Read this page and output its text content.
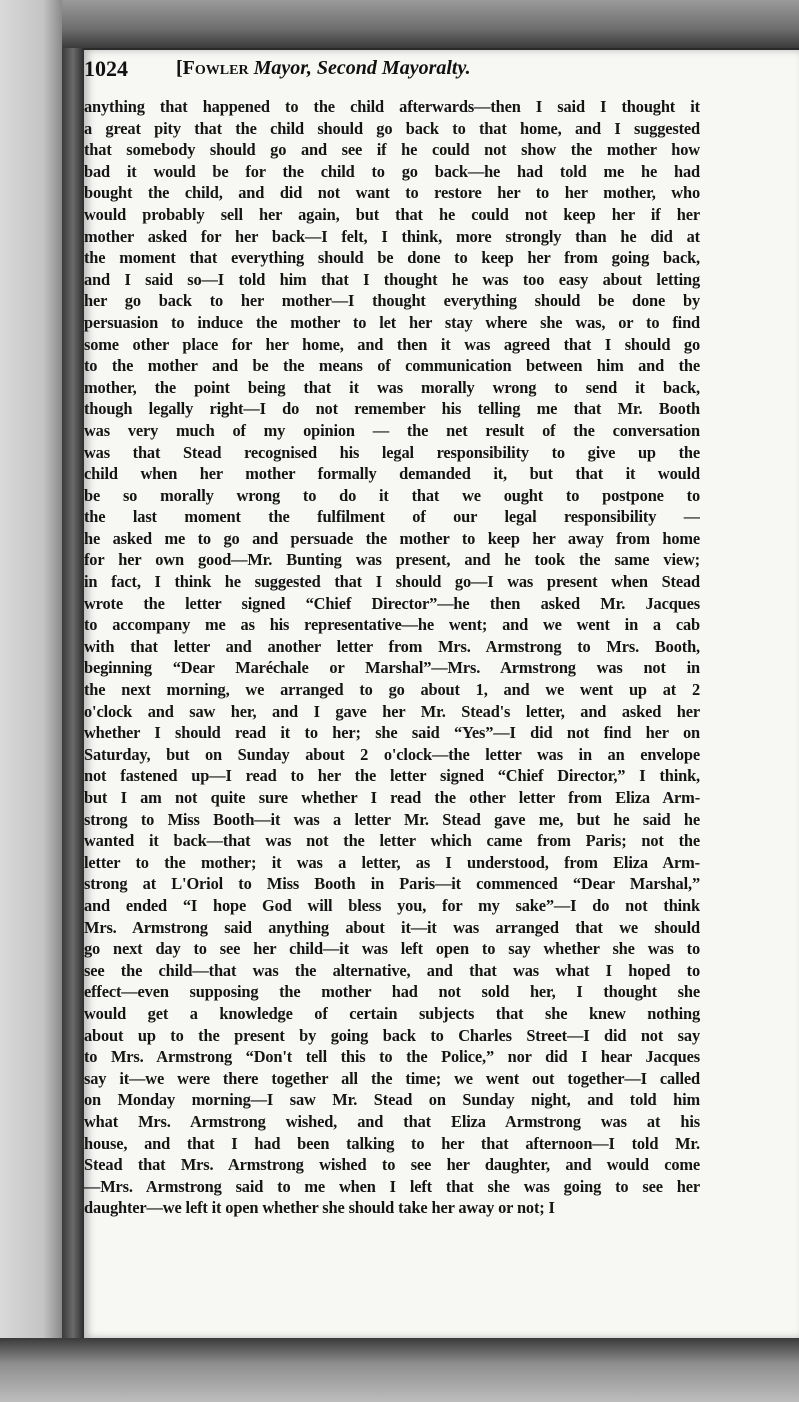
1024 [Fowler Mayor, Second Mayoralty.
anything that happened to the child afterwards—then I said I thought it
a great pity that the child should go back to that home, and I suggested
that somebody should go and see if he could not show the mother how
bad it would be for the child to go back—he had told me he had
bought the child, and did not want to restore her to her mother, who
would probably sell her again, but that he could not keep her if her
mother asked for her back—I felt, I think, more strongly than he did at
the moment that everything should be done to keep her from going back,
and I said so—I told him that I thought he was too easy about letting
her go back to her mother—I thought everything should be done by
persuasion to induce the mother to let her stay where she was, or to find
some other place for her home, and then it was agreed that I should go
to the mother and be the means of communication between him and the
mother, the point being that it was morally wrong to send it back,
though legally right—I do not remember his telling me that Mr. Booth
was very much of my opinion — the net result of the conversation
was that Stead recognised his legal responsibility to give up the
child when her mother formally demanded it, but that it would
be so morally wrong to do it that we ought to postpone to
the last moment the fulfilment of our legal responsibility —
he asked me to go and persuade the mother to keep her away from home
for her own good—Mr. Bunting was present, and he took the same view;
in fact, I think he suggested that I should go—I was present when Stead
wrote the letter signed “Chief Director”—he then asked Mr. Jacques
to accompany me as his representative—he went; and we went in a cab
with that letter and another letter from Mrs. Armstrong to Mrs. Booth,
beginning “Dear Maréchale or Marshal”—Mrs. Armstrong was not in
the next morning, we arranged to go about 1, and we went up at 2
o'clock and saw her, and I gave her Mr. Stead's letter, and asked her
whether I should read it to her; she said “Yes”—I did not find her on
Saturday, but on Sunday about 2 o'clock—the letter was in an envelope
not fastened up—I read to her the letter signed “Chief Director,” I think,
but I am not quite sure whether I read the other letter from Eliza Arm-
strong to Miss Booth—it was a letter Mr. Stead gave me, but he said he
wanted it back—that was not the letter which came from Paris; not the
letter to the mother; it was a letter, as I understood, from Eliza Arm-
strong at L'Oriol to Miss Booth in Paris—it commenced “Dear Marshal,”
and ended “I hope God will bless you, for my sake”—I do not think
Mrs. Armstrong said anything about it—it was arranged that we should
go next day to see her child—it was left open to say whether she was to
see the child—that was the alternative, and that was what I hoped to
effect—even supposing the mother had not sold her, I thought she
would get a knowledge of certain subjects that she knew nothing
about up to the present by going back to Charles Street—I did not say
to Mrs. Armstrong “Don't tell this to the Police,” nor did I hear Jacques
say it—we were there together all the time; we went out together—I called
on Monday morning—I saw Mr. Stead on Sunday night, and told him
what Mrs. Armstrong wished, and that Eliza Armstrong was at his
house, and that I had been talking to her that afternoon—I told Mr.
Stead that Mrs. Armstrong wished to see her daughter, and would come
—Mrs. Armstrong said to me when I left that she was going to see her
daughter—we left it open whether she should take her away or not; I
